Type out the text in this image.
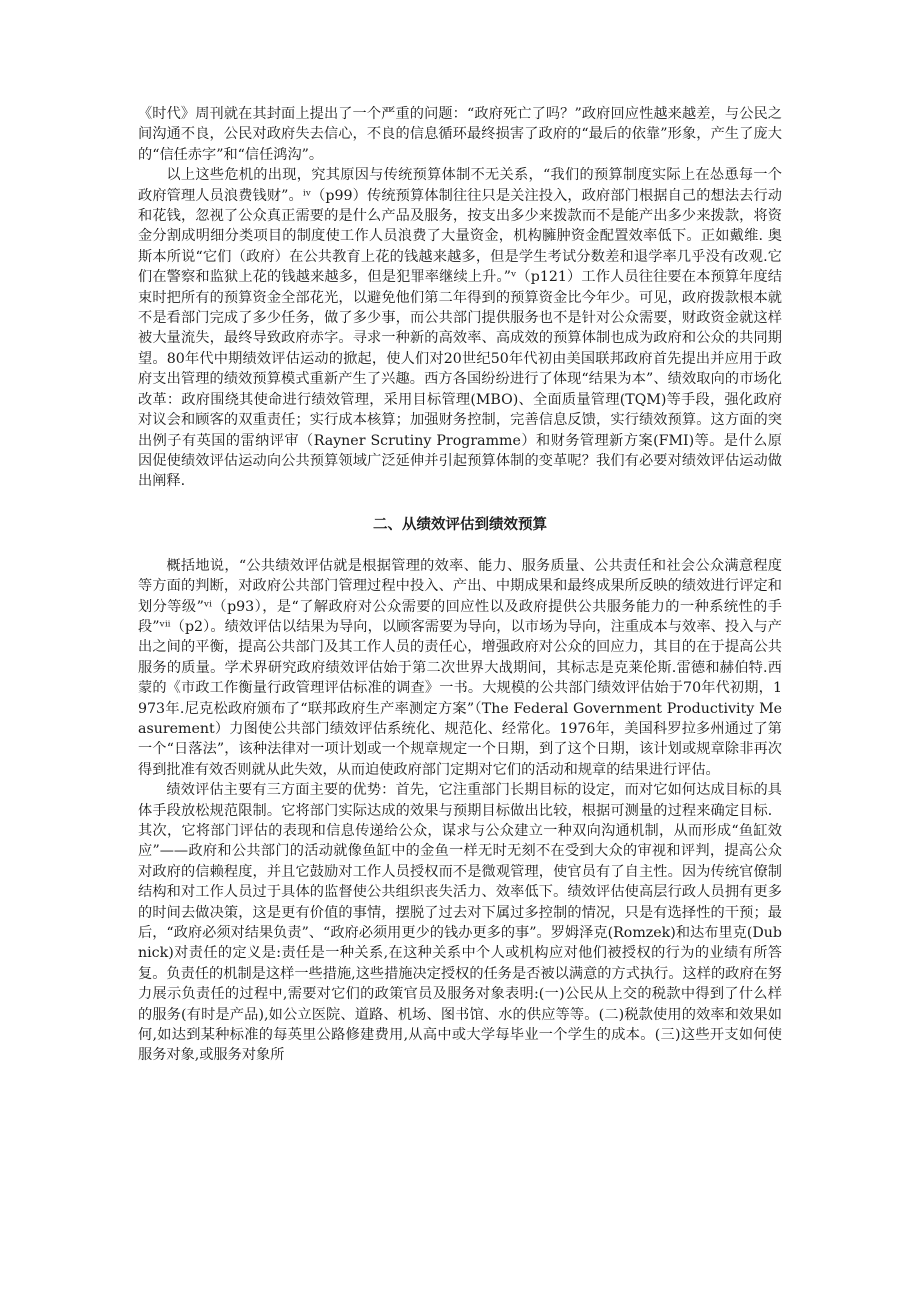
《时代》周刊就在其封面上提出了一个严重的问题：“政府死亡了吗？”政府回应性越来越差，与公民之间沟通不良，公民对政府失去信心，不良的信息循环最终损害了政府的“最后的依靠”形象，产生了庞大的“信任赤字”和“信任鸿沟”。

以上这些危机的出现，究其原因与传统预算体制不无关系，“我们的预算制度实际上在怂恿每一个政府管理人员浪费钱财”。ⁱᵛ（p99）传统预算体制往往只是关注投入，政府部门根据自己的想法去行动和花钱，忽视了公众真正需要的是什么产品及服务，按支出多少来拨款而不是能产出多少来拨款，将资金分割成明细分类项目的制度使工作人员浪费了大量资金，机构臃肿资金配置效率低下。正如戴维. 奥斯本所说“它们（政府）在公共教育上花的钱越来越多，但是学生考试分数差和退学率几乎没有改观.它们在警察和监狱上花的钱越来越多，但是犯罪率继续上升。”ᵛ（p121）工作人员往往要在本预算年度结束时把所有的预算资金全部花光，以避免他们第二年得到的预算资金比今年少。可见，政府拨款根本就不是看部门完成了多少任务，做了多少事，而公共部门提供服务也不是针对公众需要，财政资金就这样被大量流失，最终导致政府赤字。寻求一种新的高效率、高成效的预算体制也成为政府和公众的共同期望。80年代中期绩效评估运动的掀起，使人们对20世纪50年代初由美国联邦政府首先提出并应用于政府支出管理的绩效预算模式重新产生了兴趣。西方各国纷纷进行了体现“结果为本”、绩效取向的市场化改革：政府围绕其使命进行绩效管理，采用目标管理(MBO)、全面质量管理(TQM)等手段，强化政府对议会和顾客的双重责任；实行成本核算；加强财务控制，完善信息反馈，实行绩效预算。这方面的突出例子有英国的雷纳评审（Rayner Scrutiny Programme）和财务管理新方案(FMI)等。是什么原因促使绩效评估运动向公共预算领域广泛延伸并引起预算体制的变革呢？我们有必要对绩效评估运动做出阐释.

二、从绩效评估到绩效预算

概括地说，“公共绩效评估就是根据管理的效率、能力、服务质量、公共责任和社会公众满意程度等方面的判断，对政府公共部门管理过程中投入、产出、中期成果和最终成果所反映的绩效进行评定和划分等级”ᵛⁱ（p93），是“了解政府对公众需要的回应性以及政府提供公共服务能力的一种系统性的手段”ᵛⁱⁱ（p2）。绩效评估以结果为导向，以顾客需要为导向，以市场为导向，注重成本与效率、投入与产出之间的平衡，提高公共部门及其工作人员的责任心，增强政府对公众的回应力，其目的在于提高公共服务的质量。学术界研究政府绩效评估始于第二次世界大战期间，其标志是克莱伦斯.雷德和赫伯特.西蒙的《市政工作衡量行政管理评估标准的调查》一书。大规模的公共部门绩效评估始于70年代初期，1973年.尼克松政府颁布了“联邦政府生产率测定方案”（The Federal Government Productivity Measurement）力图使公共部门绩效评估系统化、规范化、经常化。1976年，美国科罗拉多州通过了第一个“日落法”，该种法律对一项计划或一个规章规定一个日期，到了这个日期，该计划或规章除非再次得到批准有效否则就从此失效，从而迫使政府部门定期对它们的活动和规章的结果进行评估。

绩效评估主要有三方面主要的优势：首先，它注重部门长期目标的设定，而对它如何达成目标的具体手段放松规范限制。它将部门实际达成的效果与预期目标做出比较，根据可测量的过程来确定目标．其次，它将部门评估的表现和信息传递给公众，谋求与公众建立一种双向沟通机制，从而形成“鱼缸效应”——政府和公共部门的活动就像鱼缸中的金鱼一样无时无刻不在受到大众的审视和评判，提高公众对政府的信赖程度，并且它鼓励对工作人员授权而不是微观管理，使官员有了自主性。因为传统官僚制结构和对工作人员过于具体的监督使公共组织丧失活力、效率低下。绩效评估使高层行政人员拥有更多的时间去做决策，这是更有价值的事情，摆脱了过去对下属过多控制的情况，只是有选择性的干预；最后，“政府必须对结果负责”、“政府必须用更少的钱办更多的事”。罗姆泽克(Romzek)和达布里克(Dubnick)对责任的定义是:责任是一种关系,在这种关系中个人或机构应对他们被授权的行为的业绩有所答复。负责任的机制是这样一些措施,这些措施决定授权的任务是否被以满意的方式执行。这样的政府在努力展示负责任的过程中,需要对它们的政策官员及服务对象表明:(一)公民从上交的税款中得到了什么样的服务(有时是产品),如公立医院、道路、机场、图书馆、水的供应等等。(二)税款使用的效率和效果如何,如达到某种标准的每英里公路修建费用,从高中或大学每毕业一个学生的成本。(三)这些开支如何使服务对象,或服务对象所
